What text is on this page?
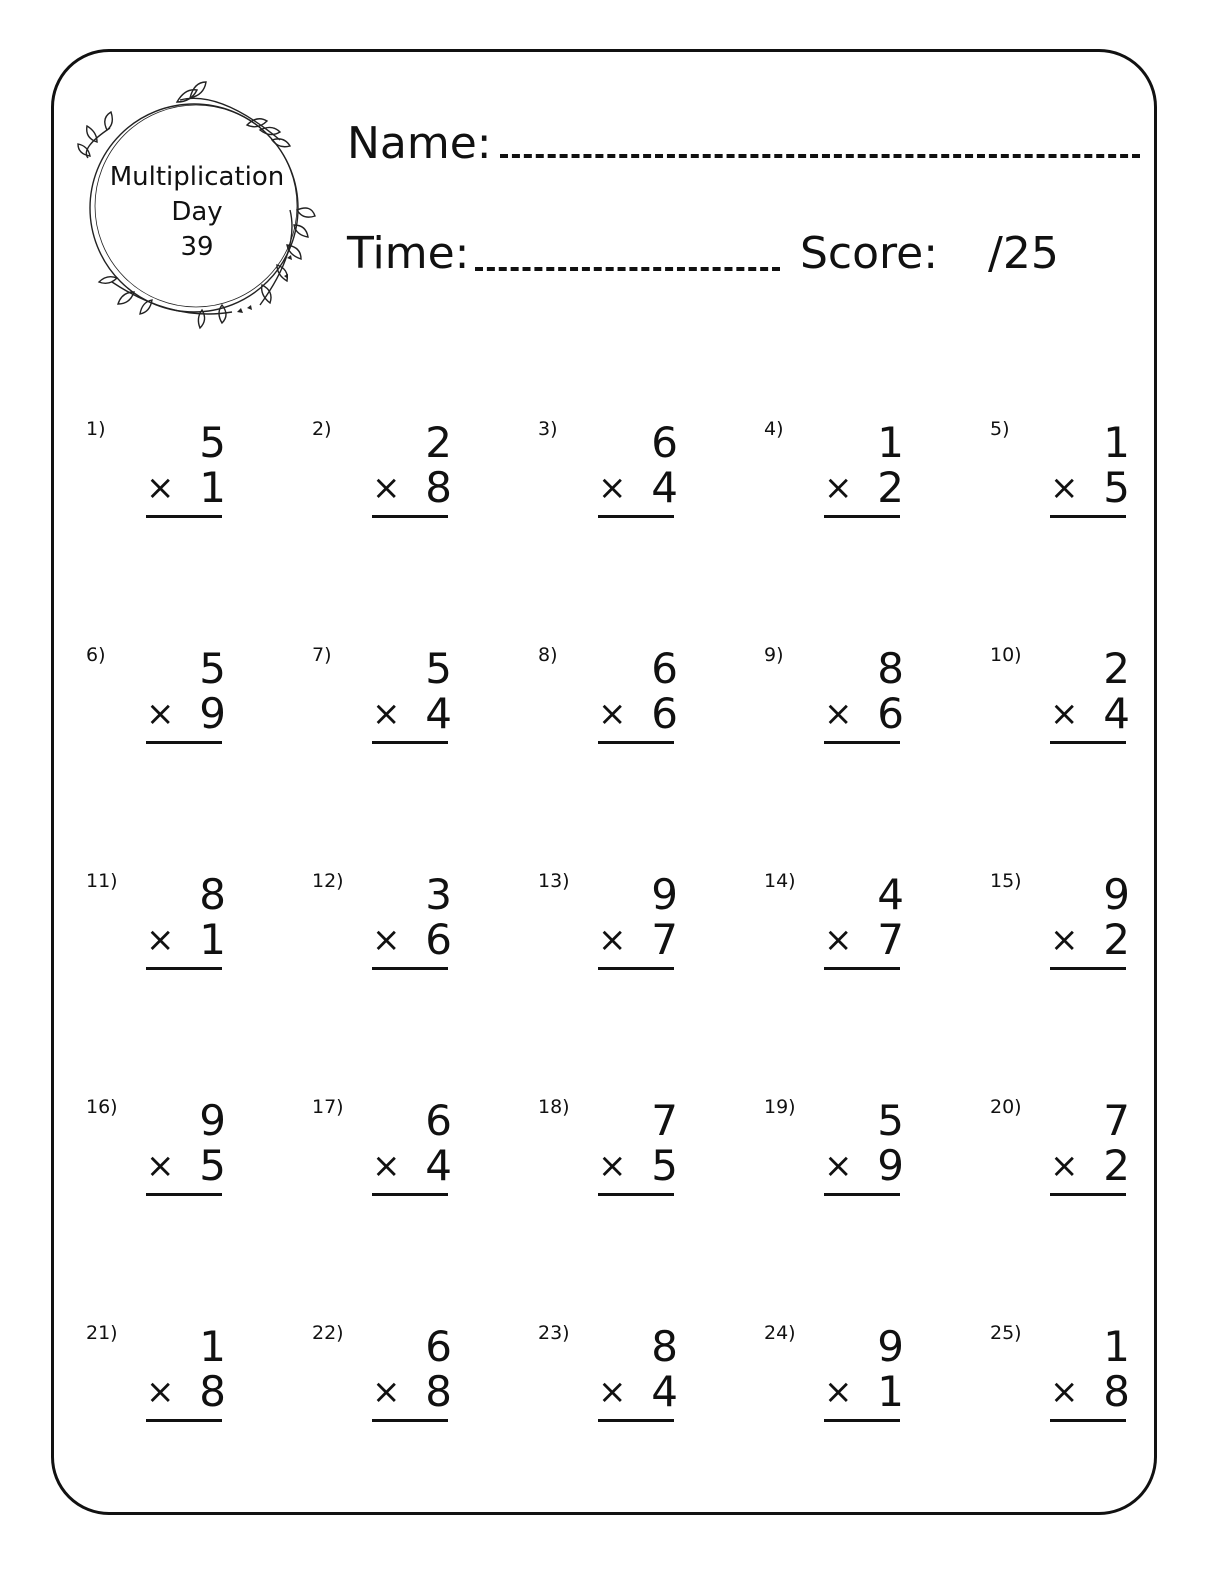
Multiplication
Day
39
Name:
Time:	Score: /25
1)	5
× 1
2)	2
× 8
3)	6
× 4
4)	1
× 2
5)	1
× 5
6)	5
× 9
7)	5
× 4
8)	6
× 6
9)	8
× 6
10)	2
× 4
11)	8
× 1
12)	3
× 6
13)	9
× 7
14)	4
× 7
15)	9
× 2
16)	9
× 5
17)	6
× 4
18)	7
× 5
19)	5
× 9
20)	7
× 2
21)	1
× 8
22)	6
× 8
23)	8
× 4
24)	9
× 1
25)	1
× 8
